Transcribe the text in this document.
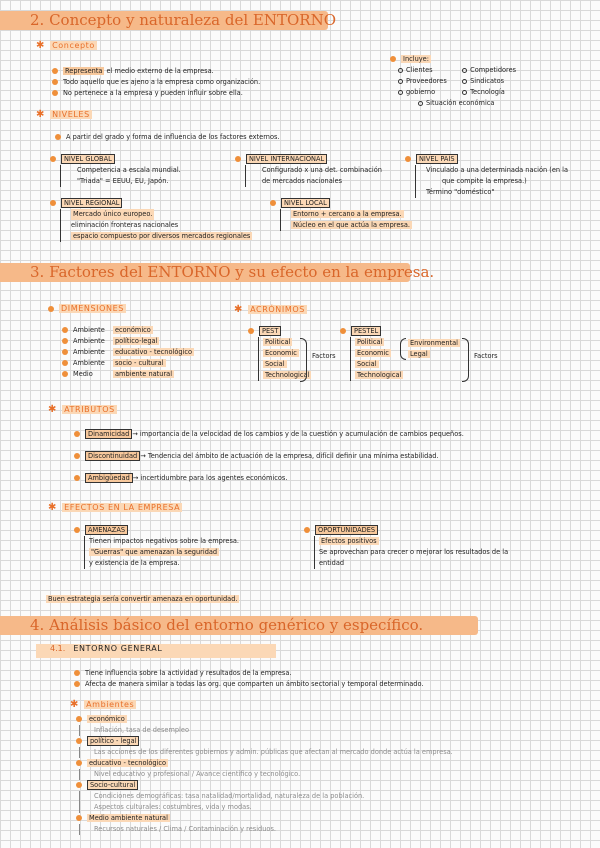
2. Concepto y naturaleza del ENTORNO
✱ Concepto
Representa el medio externo de la empresa.
Todo aquello que es ajeno a la empresa como organización.
No pertenece a la empresa y pueden influir sobre ella.
Incluye:
Clientes	Competidores
Proveedores	Sindicatos
gobierno	Tecnología
Situación económica
✱ NIVELES
A partir del grado y forma de influencia de los factores externos.
NIVEL GLOBAL
Competencia a escala mundial.
"Triada" = EEUU, EU, Japón.
NIVEL INTERNACIONAL
Configurado x una det. combinación
de mercados nacionales
NIVEL PAÍS
Vinculado a una determinada nación (en la
que compite la empresa.)
Término "doméstico"
NIVEL REGIONAL
Mercado único europeo.
eliminación fronteras nacionales
espacio compuesto por diversos mercados regionales
NIVEL LOCAL
Entorno + cercano a la empresa.
Núcleo en el que actúa la empresa.
3. Factores del ENTORNO y su efecto en la empresa.
DIMENSIONES
Ambiente económico
Ambiente político-legal
Ambiente educativo - tecnológico
Ambiente socio - cultural
Medio	ambiente natural
✱ ACRÓNIMOS
PEST
Political
Economic
Social
Technological
Factors
PESTEL
Political
Economic
Social
Technological
Environmental
Legal	Factors
✱ ATRIBUTOS
Dinamicidad → importancia de la velocidad de los cambios y de la cuestión y acumulación de cambios pequeños.
Discontinuidad → Tendencia del ámbito de actuación de la empresa, difícil definir una mínima estabilidad.
Ambigüedad → incertidumbre para los agentes económicos.
✱ EFECTOS EN LA EMPRESA
AMENAZAS
Tienen impactos negativos sobre la empresa.
"Guerras" que amenazan la seguridad
y existencia de la empresa.
OPORTUNIDADES
Efectos positivos
Se aprovechan para crecer o mejorar los resultados de la
entidad
Buen estrategia sería convertir amenaza en oportunidad.
4. Análisis básico del entorno genérico y específico.
4.1. ENTORNO GENERAL
Tiene influencia sobre la actividad y resultados de la empresa.
Afecta de manera similar a todas las org. que comparten un ámbito sectorial y temporal determinado.
✱ Ambientes
económico
Inflación, tasa de desempleo
político - legal
Las acciones de los diferentes gobiernos y admin. públicas que afectan al mercado donde actúa la empresa.
educativo - tecnológico
Nivel educativo y profesional / Avance científico y tecnológico.
Socio-cultural
Condiciones demográficas: tasa natalidad/mortalidad, naturaleza de la población.
Aspectos culturales: costumbres, vida y modas.
Medio ambiente natural
Recursos naturales / Clima / Contaminación y residuos.
